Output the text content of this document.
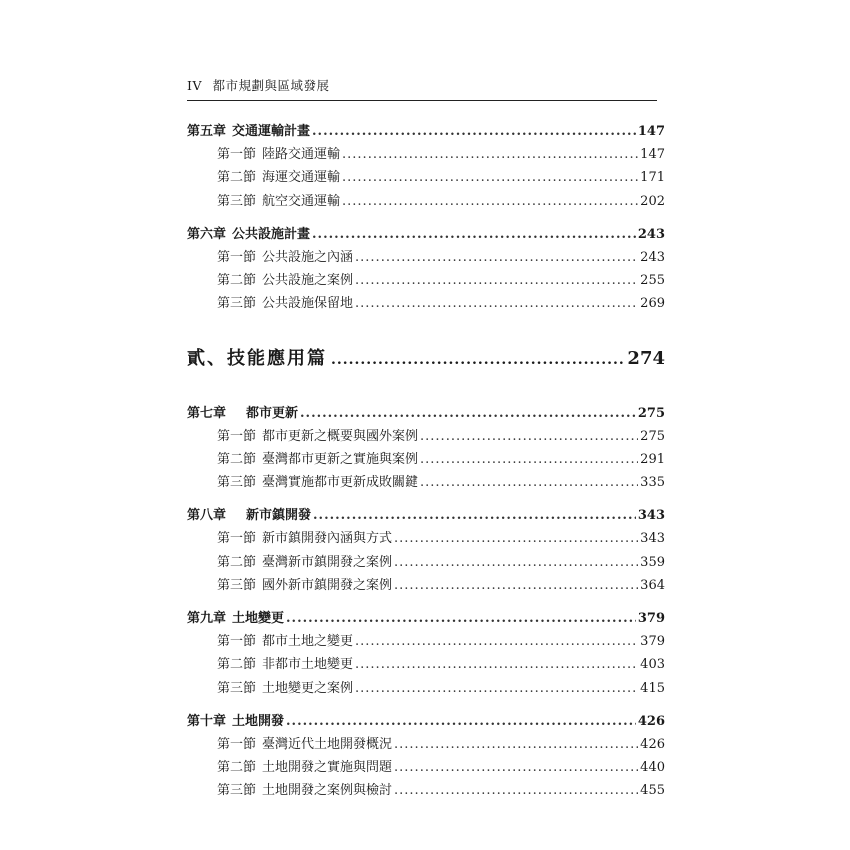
IV 都市規劃與區域發展
第五章 交通運輸計畫 .....	147
第一節 陸路交通運輸 .....	147
第二節 海運交通運輸 .....	171
第三節 航空交通運輸 .....	202
第六章 公共設施計畫 .....	243
第一節 公共設施之內涵 .....	243
第二節 公共設施之案例 .....	255
第三節 公共設施保留地 .....	269
貳、技能應用篇 .....	274
第七章 都市更新 .....	275
第一節 都市更新之概要與國外案例 .....	275
第二節 臺灣都市更新之實施與案例 .....	291
第三節 臺灣實施都市更新成敗關鍵 .....	335
第八章 新市鎮開發 .....	343
第一節 新市鎮開發內涵與方式 .....	343
第二節 臺灣新市鎮開發之案例 .....	359
第三節 國外新市鎮開發之案例 .....	364
第九章 土地變更 .....	379
第一節 都市土地之變更 .....	379
第二節 非都市土地變更 .....	403
第三節 土地變更之案例 .....	415
第十章 土地開發 .....	426
第一節 臺灣近代土地開發概況 .....	426
第二節 土地開發之實施與問題 .....	440
第三節 土地開發之案例與檢討 .....	455
